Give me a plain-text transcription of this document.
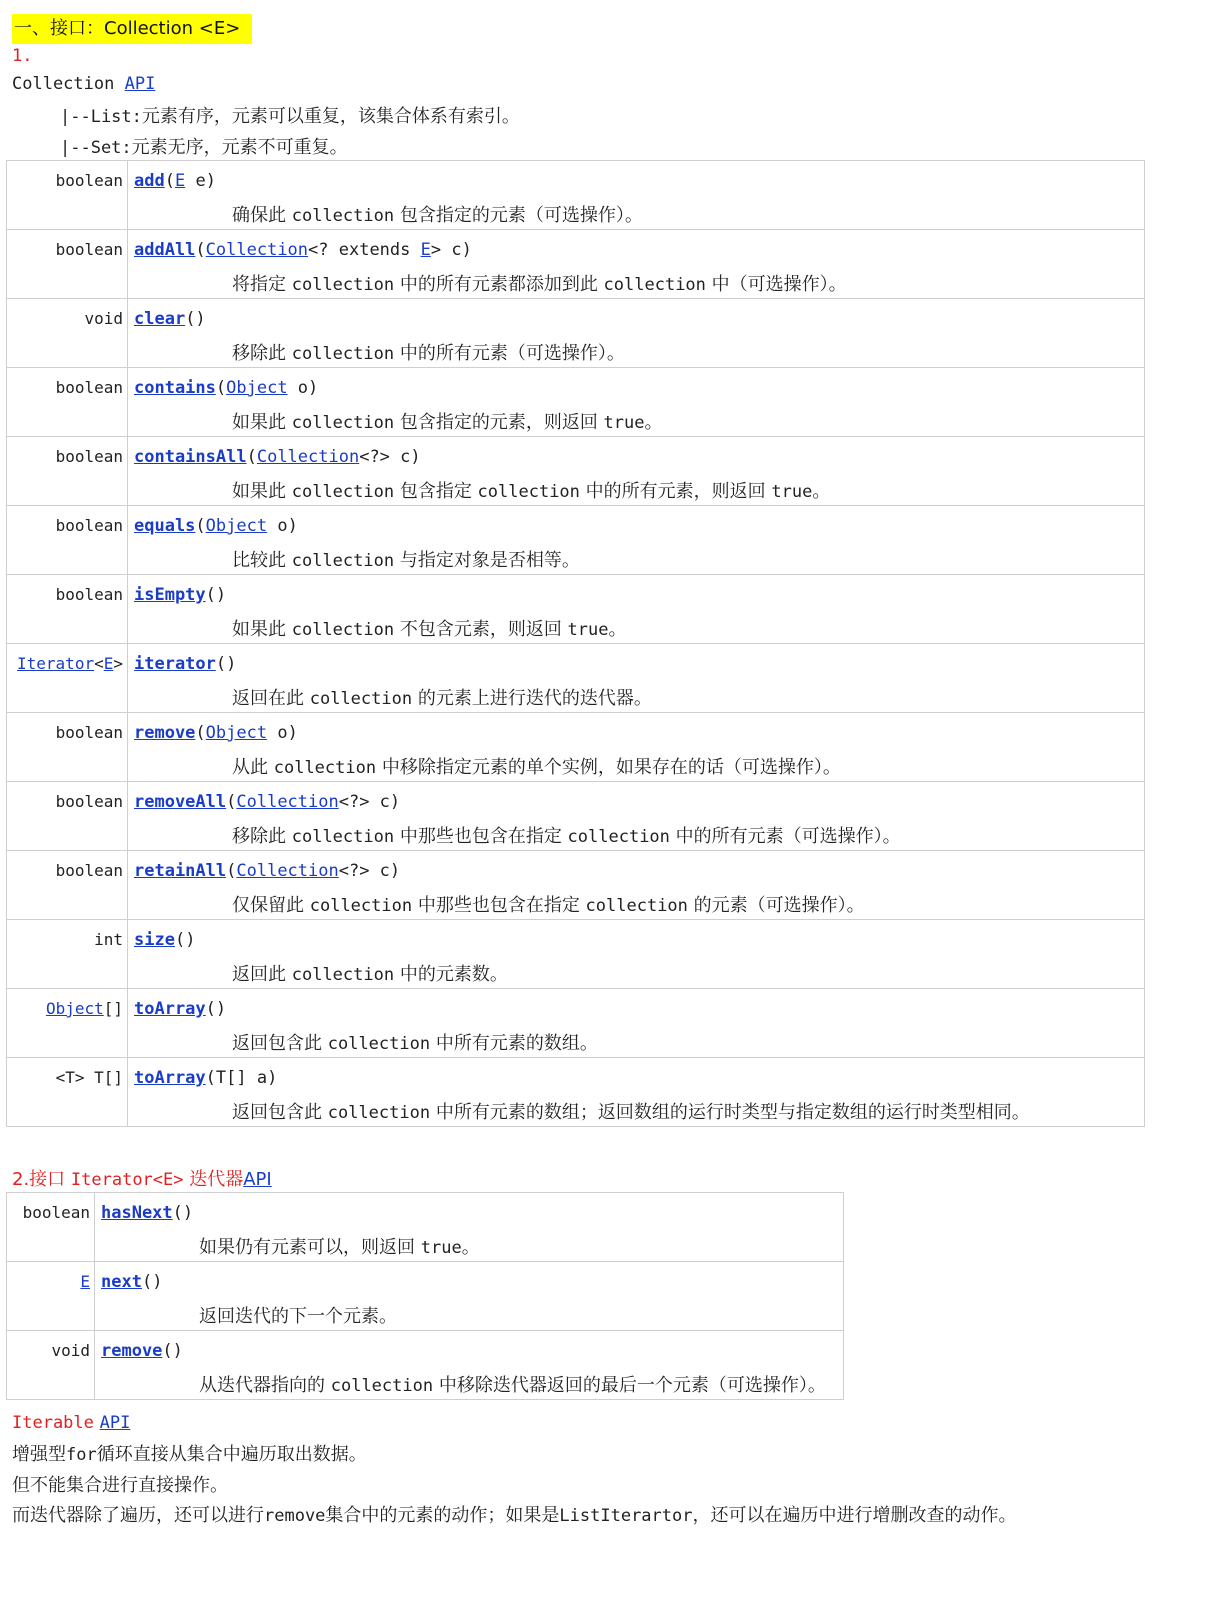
一、接口：Collection <E>
1.
Collection API
|--List:元素有序，元素可以重复，该集合体系有索引。
|--Set:元素无序，元素不可重复。
boolean	add(E e)
确保此 collection 包含指定的元素（可选操作）。

boolean	addAll(Collection<? extends E> c)
将指定 collection 中的所有元素都添加到此 collection 中（可选操作）。

void	clear()
移除此 collection 中的所有元素（可选操作）。

boolean	contains(Object o)
如果此 collection 包含指定的元素，则返回 true。

boolean	containsAll(Collection<?> c)
如果此 collection 包含指定 collection 中的所有元素，则返回 true。

boolean	equals(Object o)
比较此 collection 与指定对象是否相等。

boolean	isEmpty()
如果此 collection 不包含元素，则返回 true。

Iterator<E>	iterator()
返回在此 collection 的元素上进行迭代的迭代器。

boolean	remove(Object o)
从此 collection 中移除指定元素的单个实例，如果存在的话（可选操作）。

boolean	removeAll(Collection<?> c)
移除此 collection 中那些也包含在指定 collection 中的所有元素（可选操作）。

boolean	retainAll(Collection<?> c)
仅保留此 collection 中那些也包含在指定 collection 的元素（可选操作）。

int	size()
返回此 collection 中的元素数。

Object[]	toArray()
返回包含此 collection 中所有元素的数组。

<T> T[]	toArray(T[] a)
返回包含此 collection 中所有元素的数组；返回数组的运行时类型与指定数组的运行时类型相同。
2.接口 Iterator<E> 迭代器API
boolean	hasNext()
如果仍有元素可以，则返回 true。

E	next()
返回迭代的下一个元素。

void	remove()
从迭代器指向的 collection 中移除迭代器返回的最后一个元素（可选操作）。
Iterable API
增强型for循环直接从集合中遍历取出数据。
但不能集合进行直接操作。
而迭代器除了遍历，还可以进行remove集合中的元素的动作；如果是ListIterartor，还可以在遍历中进行增删改查的动作。
